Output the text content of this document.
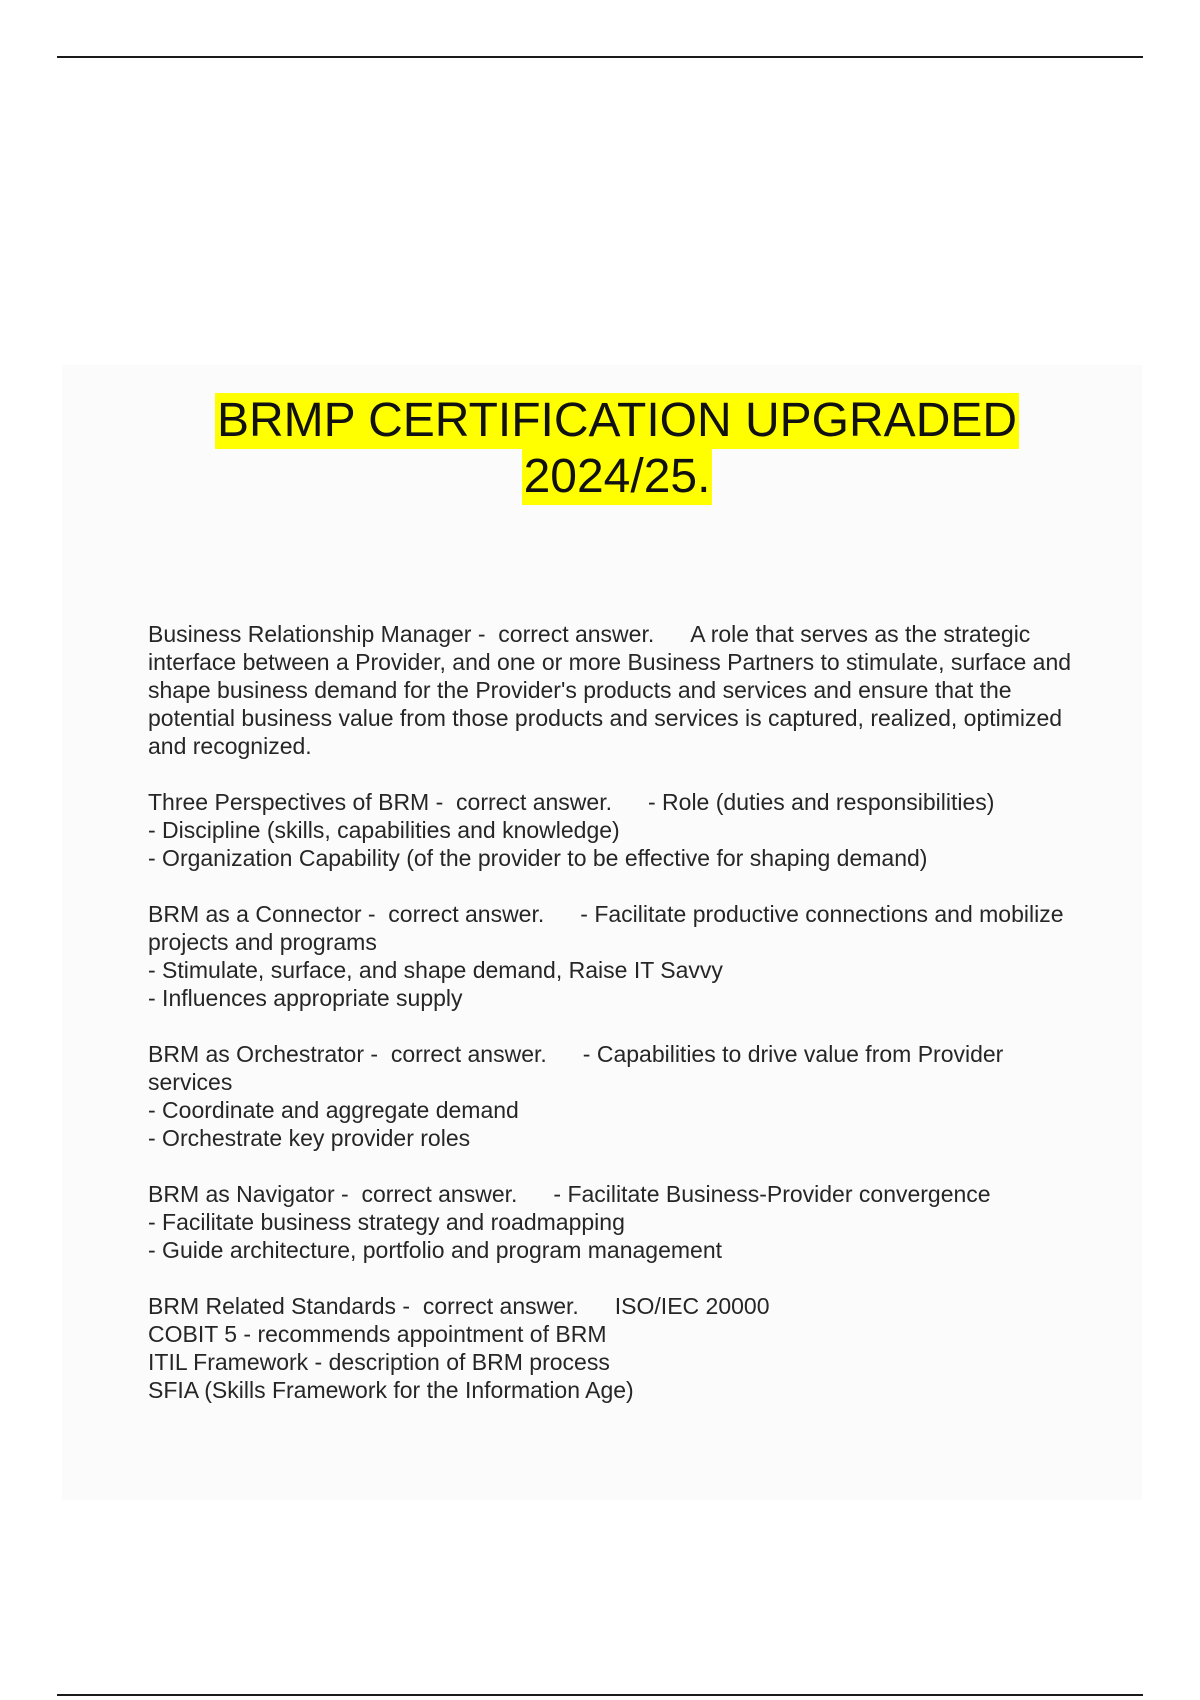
BRMP CERTIFICATION UPGRADED
2024/25.

Business Relationship Manager -  correct answer. A role that serves as the strategic interface between a Provider, and one or more Business Partners to stimulate, surface and shape business demand for the Provider's products and services and ensure that the potential business value from those products and services is captured, realized, optimized and recognized.

Three Perspectives of BRM -  correct answer. - Role (duties and responsibilities)

- Discipline (skills, capabilities and knowledge)

- Organization Capability (of the provider to be effective for shaping demand)

BRM as a Connector -  correct answer. - Facilitate productive connections and mobilize projects and programs

- Stimulate, surface, and shape demand, Raise IT Savvy

- Influences appropriate supply

BRM as Orchestrator -  correct answer. - Capabilities to drive value from Provider services

- Coordinate and aggregate demand

- Orchestrate key provider roles

BRM as Navigator -  correct answer. - Facilitate Business-Provider convergence

- Facilitate business strategy and roadmapping

- Guide architecture, portfolio and program management

BRM Related Standards -  correct answer. ISO/IEC 20000

COBIT 5 - recommends appointment of BRM

ITIL Framework - description of BRM process

SFIA (Skills Framework for the Information Age)
